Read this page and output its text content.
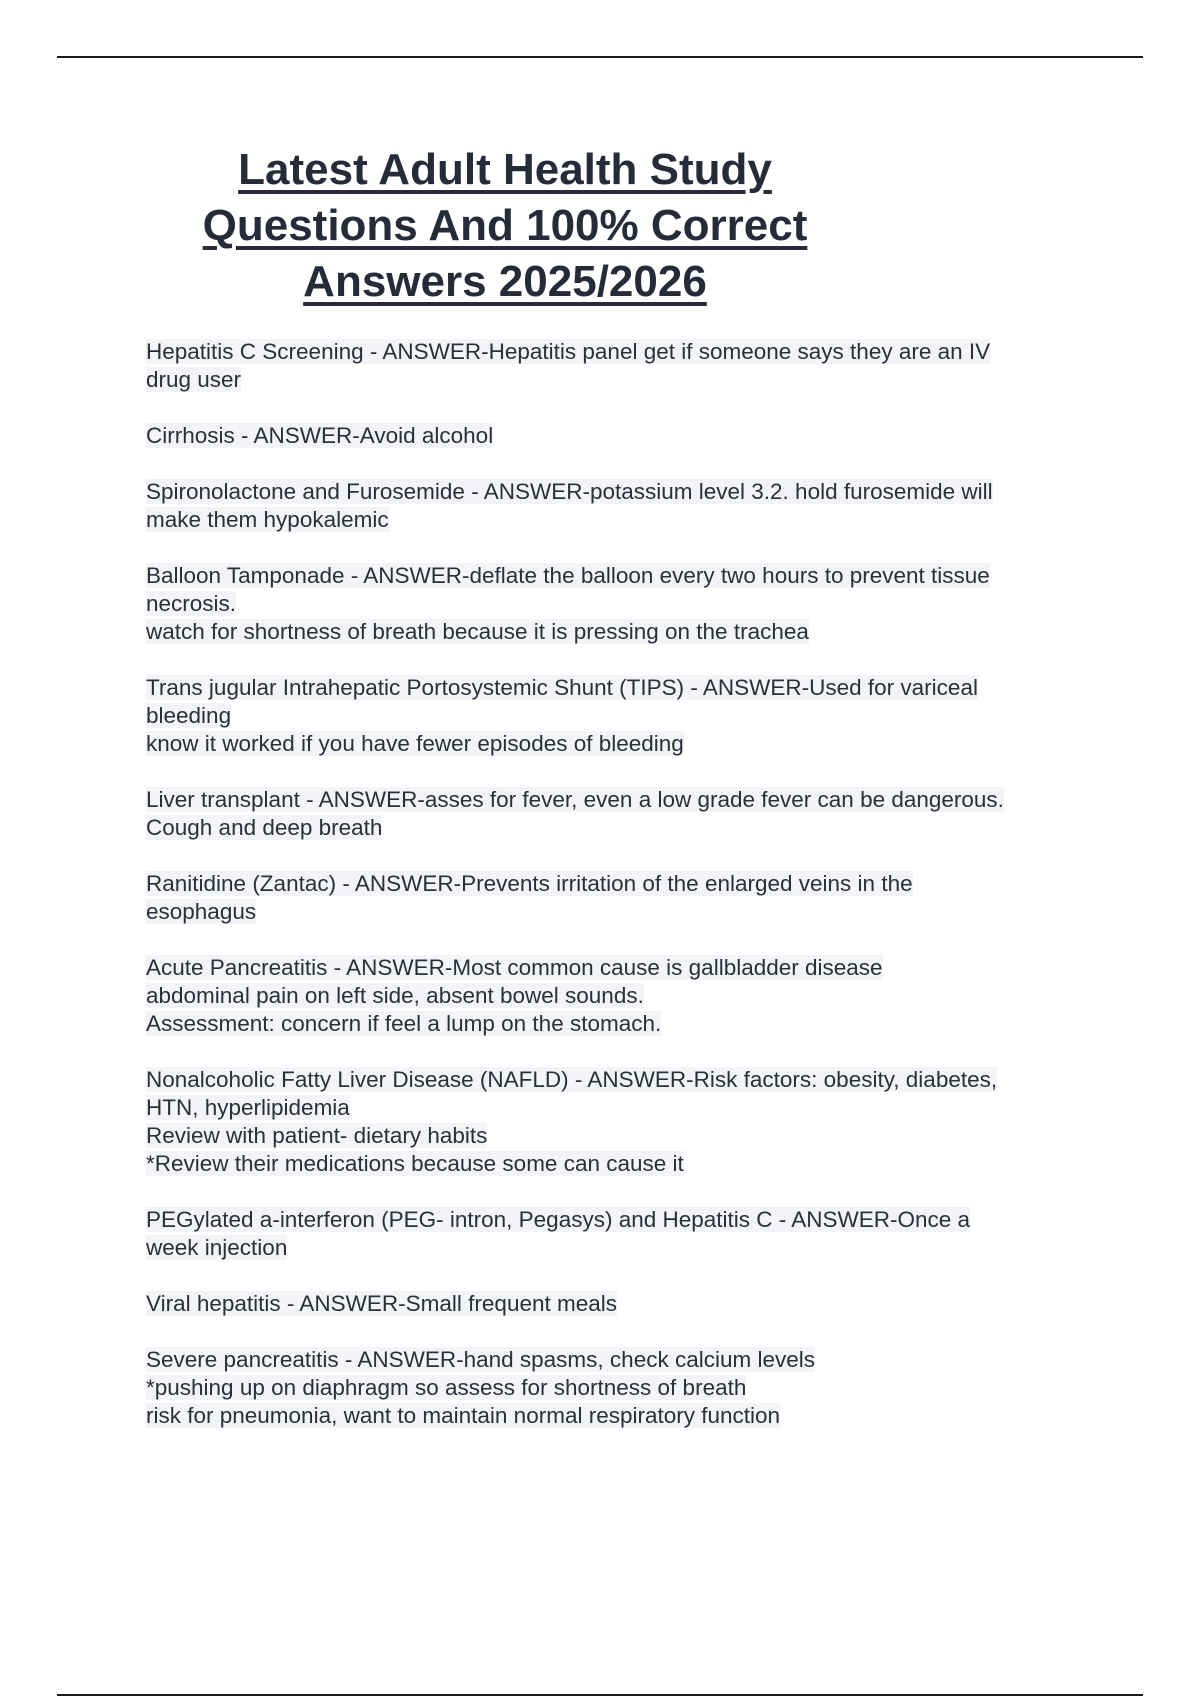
Latest Adult Health Study
Questions And 100% Correct
Answers 2025/2026
Hepatitis C Screening - ANSWER-Hepatitis panel get if someone says they are an IV
drug user
Cirrhosis - ANSWER-Avoid alcohol
Spironolactone and Furosemide - ANSWER-potassium level 3.2. hold furosemide will
make them hypokalemic
Balloon Tamponade - ANSWER-deflate the balloon every two hours to prevent tissue
necrosis.
watch for shortness of breath because it is pressing on the trachea
Trans jugular Intrahepatic Portosystemic Shunt (TIPS) - ANSWER-Used for variceal
bleeding
know it worked if you have fewer episodes of bleeding
Liver transplant - ANSWER-asses for fever, even a low grade fever can be dangerous.
Cough and deep breath
Ranitidine (Zantac) - ANSWER-Prevents irritation of the enlarged veins in the
esophagus
Acute Pancreatitis - ANSWER-Most common cause is gallbladder disease
abdominal pain on left side, absent bowel sounds.
Assessment: concern if feel a lump on the stomach.
Nonalcoholic Fatty Liver Disease (NAFLD) - ANSWER-Risk factors: obesity, diabetes,
HTN, hyperlipidemia
Review with patient- dietary habits
*Review their medications because some can cause it
PEGylated a-interferon (PEG- intron, Pegasys) and Hepatitis C - ANSWER-Once a
week injection
Viral hepatitis - ANSWER-Small frequent meals
Severe pancreatitis - ANSWER-hand spasms, check calcium levels
*pushing up on diaphragm so assess for shortness of breath
risk for pneumonia, want to maintain normal respiratory function
